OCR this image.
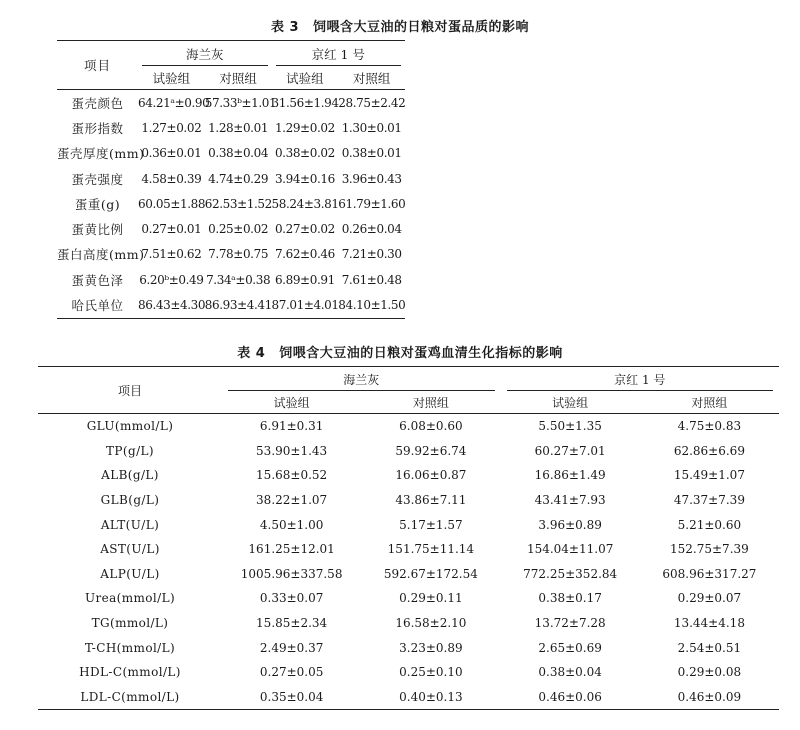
表 3 饲喂含大豆油的日粮对蛋品质的影响
项目	海兰灰		京红 1 号	
	试验组	对照组	试验组	对照组
蛋壳颜色	64.21ᵃ±0.90	57.33ᵇ±1.01	31.56±1.94	28.75±2.42
蛋形指数	1.27±0.02	1.28±0.01	1.29±0.02	1.30±0.01
蛋壳厚度(mm)	0.36±0.01	0.38±0.04	0.38±0.02	0.38±0.01
蛋壳强度	4.58±0.39	4.74±0.29	3.94±0.16	3.96±0.43
蛋重(g)	60.05±1.88	62.53±1.52	58.24±3.81	61.79±1.60
蛋黄比例	0.27±0.01	0.25±0.02	0.27±0.02	0.26±0.04
蛋白高度(mm)	7.51±0.62	7.78±0.75	7.62±0.46	7.21±0.30
蛋黄色泽	6.20ᵇ±0.49	7.34ᵃ±0.38	6.89±0.91	7.61±0.48
哈氏单位	86.43±4.30	86.93±4.41	87.01±4.01	84.10±1.50
表 4 饲喂含大豆油的日粮对蛋鸡血清生化指标的影响
项目	海兰灰		京红 1 号	
	试验组	对照组	试验组	对照组
GLU(mmol/L)	6.91±0.31	6.08±0.60	5.50±1.35	4.75±0.83
TP(g/L)	53.90±1.43	59.92±6.74	60.27±7.01	62.86±6.69
ALB(g/L)	15.68±0.52	16.06±0.87	16.86±1.49	15.49±1.07
GLB(g/L)	38.22±1.07	43.86±7.11	43.41±7.93	47.37±7.39
ALT(U/L)	4.50±1.00	5.17±1.57	3.96±0.89	5.21±0.60
AST(U/L)	161.25±12.01	151.75±11.14	154.04±11.07	152.75±7.39
ALP(U/L)	1005.96±337.58	592.67±172.54	772.25±352.84	608.96±317.27
Urea(mmol/L)	0.33±0.07	0.29±0.11	0.38±0.17	0.29±0.07
TG(mmol/L)	15.85±2.34	16.58±2.10	13.72±7.28	13.44±4.18
T-CH(mmol/L)	2.49±0.37	3.23±0.89	2.65±0.69	2.54±0.51
HDL-C(mmol/L)	0.27±0.05	0.25±0.10	0.38±0.04	0.29±0.08
LDL-C(mmol/L)	0.35±0.04	0.40±0.13	0.46±0.06	0.46±0.09
